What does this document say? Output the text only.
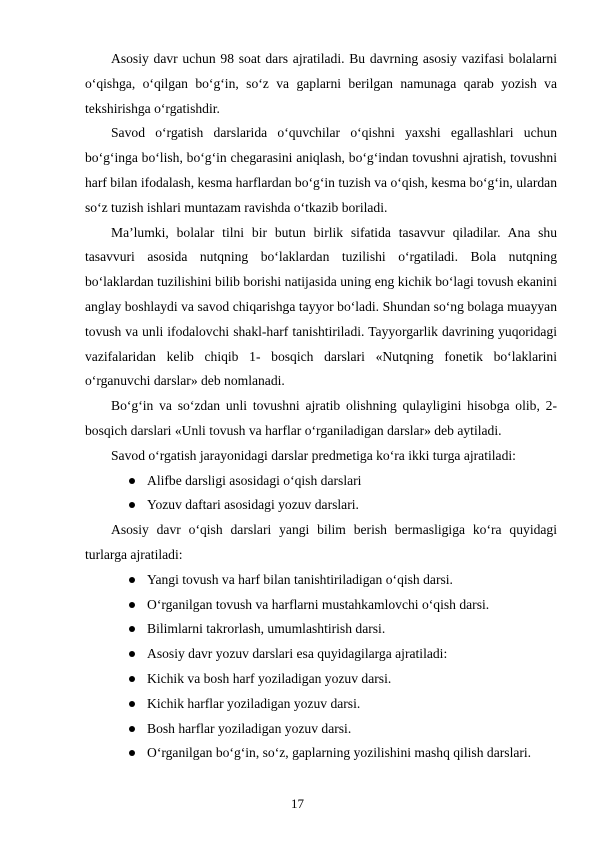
Asosiy davr uchun 98 soat dars ajratiladi. Bu davrning asosiy vazifasi bolalarni o‘qishga, o‘qilgan bo‘g‘in, so‘z va gaplarni berilgan namunaga qarab yozish va tekshirishga o‘rgatishdir.

Savod o‘rgatish darslarida o‘quvchilar o‘qishni yaxshi egallashlari uchun bo‘g‘inga bo‘lish, bo‘g‘in chegarasini aniqlash, bo‘g‘indan tovushni ajratish, tovushni harf bilan ifodalash, kesma harflardan bo‘g‘in tuzish va o‘qish, kesma bo‘g‘in, ulardan so‘z tuzish ishlari muntazam ravishda o‘tkazib boriladi.

Ma’lumki, bolalar tilni bir butun birlik sifatida tasavvur qiladilar. Ana shu tasavvuri asosida nutqning bo‘laklardan tuzilishi o‘rgatiladi. Bola nutqning bo‘laklardan tuzilishini bilib borishi natijasida uning eng kichik bo‘lagi tovush ekanini anglay boshlaydi va savod chiqarishga tayyor bo‘ladi. Shundan so‘ng bolaga muayyan tovush va unli ifodalovchi shakl-harf tanishtiriladi. Tayyorgarlik davrining yuqoridagi vazifalaridan kelib chiqib 1- bosqich darslari «Nutqning fonetik bo‘laklarini o‘rganuvchi darslar» deb nomlanadi.

Bo‘g‘in va so‘zdan unli tovushni ajratib olishning qulayligini hisobga olib, 2-bosqich darslari «Unli tovush va harflar o‘rganiladigan darslar» deb aytiladi.

Savod o‘rgatish jarayonidagi darslar predmetiga ko‘ra ikki turga ajratiladi:

Alifbe darsligi asosidagi o‘qish darslari
Yozuv daftari asosidagi yozuv darslari.

Asosiy davr o‘qish darslari yangi bilim berish bermasligiga ko‘ra quyidagi turlarga ajratiladi:

Yangi tovush va harf bilan tanishtiriladigan o‘qish darsi.
O‘rganilgan tovush va harflarni mustahkamlovchi o‘qish darsi.
Bilimlarni takrorlash, umumlashtirish darsi.
Asosiy davr yozuv darslari esa quyidagilarga ajratiladi:
Kichik va bosh harf yoziladigan yozuv darsi.
Kichik harflar yoziladigan yozuv darsi.
Bosh harflar yoziladigan yozuv darsi.
O‘rganilgan bo‘g‘in, so‘z, gaplarning yozilishini mashq qilish darslari.
17
